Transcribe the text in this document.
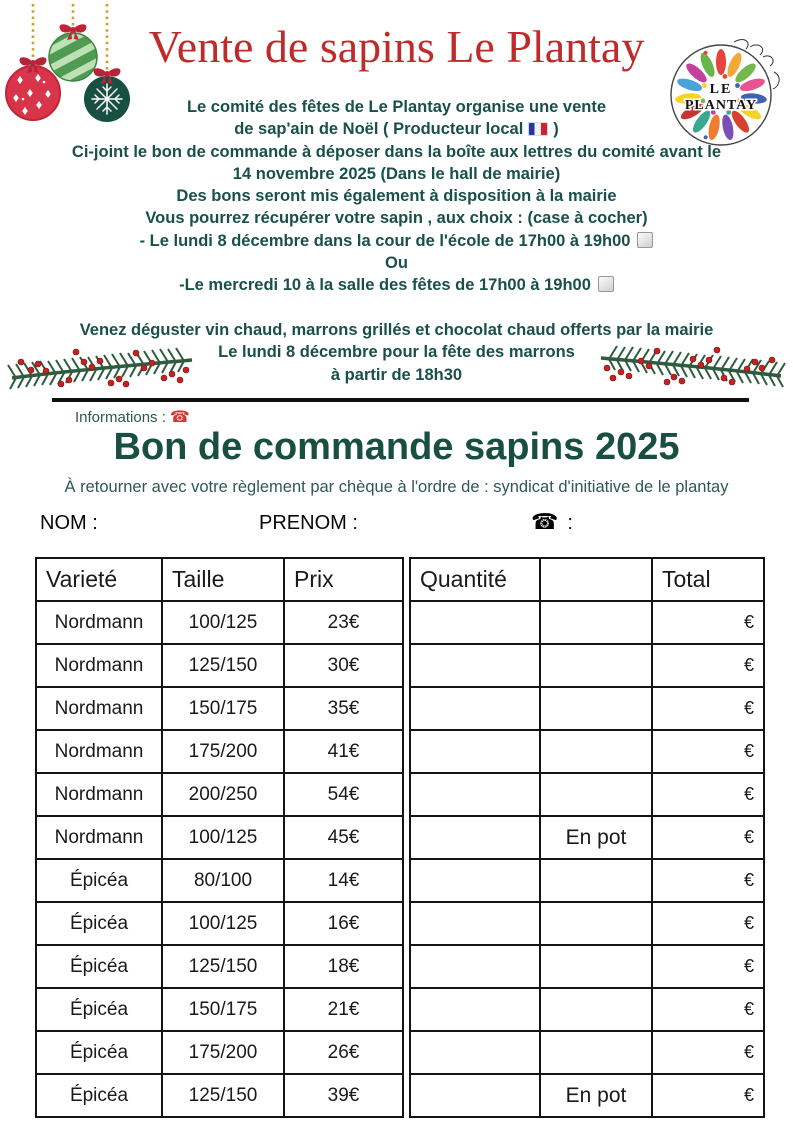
LE
PLANTAY
Vente de sapins Le Plantay
Le comité des fêtes de Le Plantay organise une vente
de sap'ain de Noël ( Producteur local )
Ci-joint le bon de commande à déposer dans la boîte aux lettres du comité avant le
14 novembre 2025 (Dans le hall de mairie)
Des bons seront mis également à disposition à la mairie
Vous pourrez récupérer votre sapin , aux choix : (case à cocher)
- Le lundi 8 décembre dans la cour de l'école de 17h00 à 19h00
Ou
-Le mercredi 10 à la salle des fêtes de 17h00 à 19h00
Venez déguster vin chaud, marrons grillés et chocolat chaud offerts par la mairie
Le lundi 8 décembre pour la fête des marrons
à partir de 18h30
Informations : ☎
Bon de commande sapins 2025
À retourner avec votre règlement par chèque à l'ordre de : syndicat d'initiative de le plantay
NOM :	PRENOM :	☎ :
Varieté	Taille	Prix
Nordmann	100/125	23€
Nordmann	125/150	30€
Nordmann	150/175	35€
Nordmann	175/200	41€
Nordmann	200/250	54€
Nordmann	100/125	45€
Épicéa	80/100	14€
Épicéa	100/125	16€
Épicéa	125/150	18€
Épicéa	150/175	21€
Épicéa	175/200	26€
Épicéa	125/150	39€
Quantité		Total
		€
		€
		€
		€
		€
	En pot	€
		€
		€
		€
		€
		€
	En pot	€
